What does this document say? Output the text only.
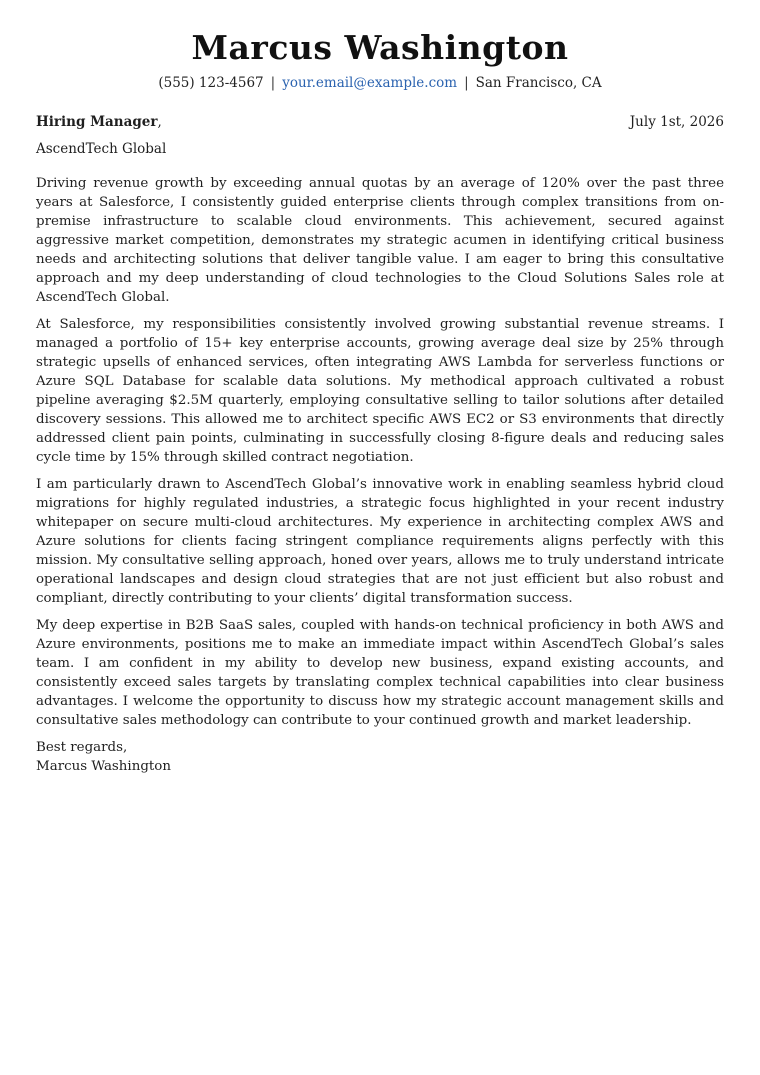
Marcus Washington
(555) 123-4567 | your.email@example.com | San Francisco, CA
Hiring Manager,	July 1st, 2026
AscendTech Global

Driving revenue growth by exceeding annual quotas by an average of 120% over the past three years at Salesforce, I consistently guided enterprise clients through complex transitions from on-premise infrastructure to scalable cloud environments. This achievement, secured against aggressive market competition, demonstrates my strategic acumen in identifying critical business needs and architecting solutions that deliver tangible value. I am eager to bring this consultative approach and my deep understanding of cloud technologies to the Cloud Solutions Sales role at AscendTech Global.

At Salesforce, my responsibilities consistently involved growing substantial revenue streams. I managed a portfolio of 15+ key enterprise accounts, growing average deal size by 25% through strategic upsells of enhanced services, often integrating AWS Lambda for serverless functions or Azure SQL Database for scalable data solutions. My methodical approach cultivated a robust pipeline averaging $2.5M quarterly, employing consultative selling to tailor solutions after detailed discovery sessions. This allowed me to architect specific AWS EC2 or S3 environments that directly addressed client pain points, culminating in successfully closing 8-figure deals and reducing sales cycle time by 15% through skilled contract negotiation.

I am particularly drawn to AscendTech Global’s innovative work in enabling seamless hybrid cloud migrations for highly regulated industries, a strategic focus highlighted in your recent industry whitepaper on secure multi-cloud architectures. My experience in architecting complex AWS and Azure solutions for clients facing stringent compliance requirements aligns perfectly with this mission. My consultative selling approach, honed over years, allows me to truly understand intricate operational landscapes and design cloud strategies that are not just efficient but also robust and compliant, directly contributing to your clients’ digital transformation success.

My deep expertise in B2B SaaS sales, coupled with hands-on technical proficiency in both AWS and Azure environments, positions me to make an immediate impact within AscendTech Global’s sales team. I am confident in my ability to develop new business, expand existing accounts, and consistently exceed sales targets by translating complex technical capabilities into clear business advantages. I welcome the opportunity to discuss how my strategic account management skills and consultative sales methodology can contribute to your continued growth and market leadership.

Best regards,
Marcus Washington
